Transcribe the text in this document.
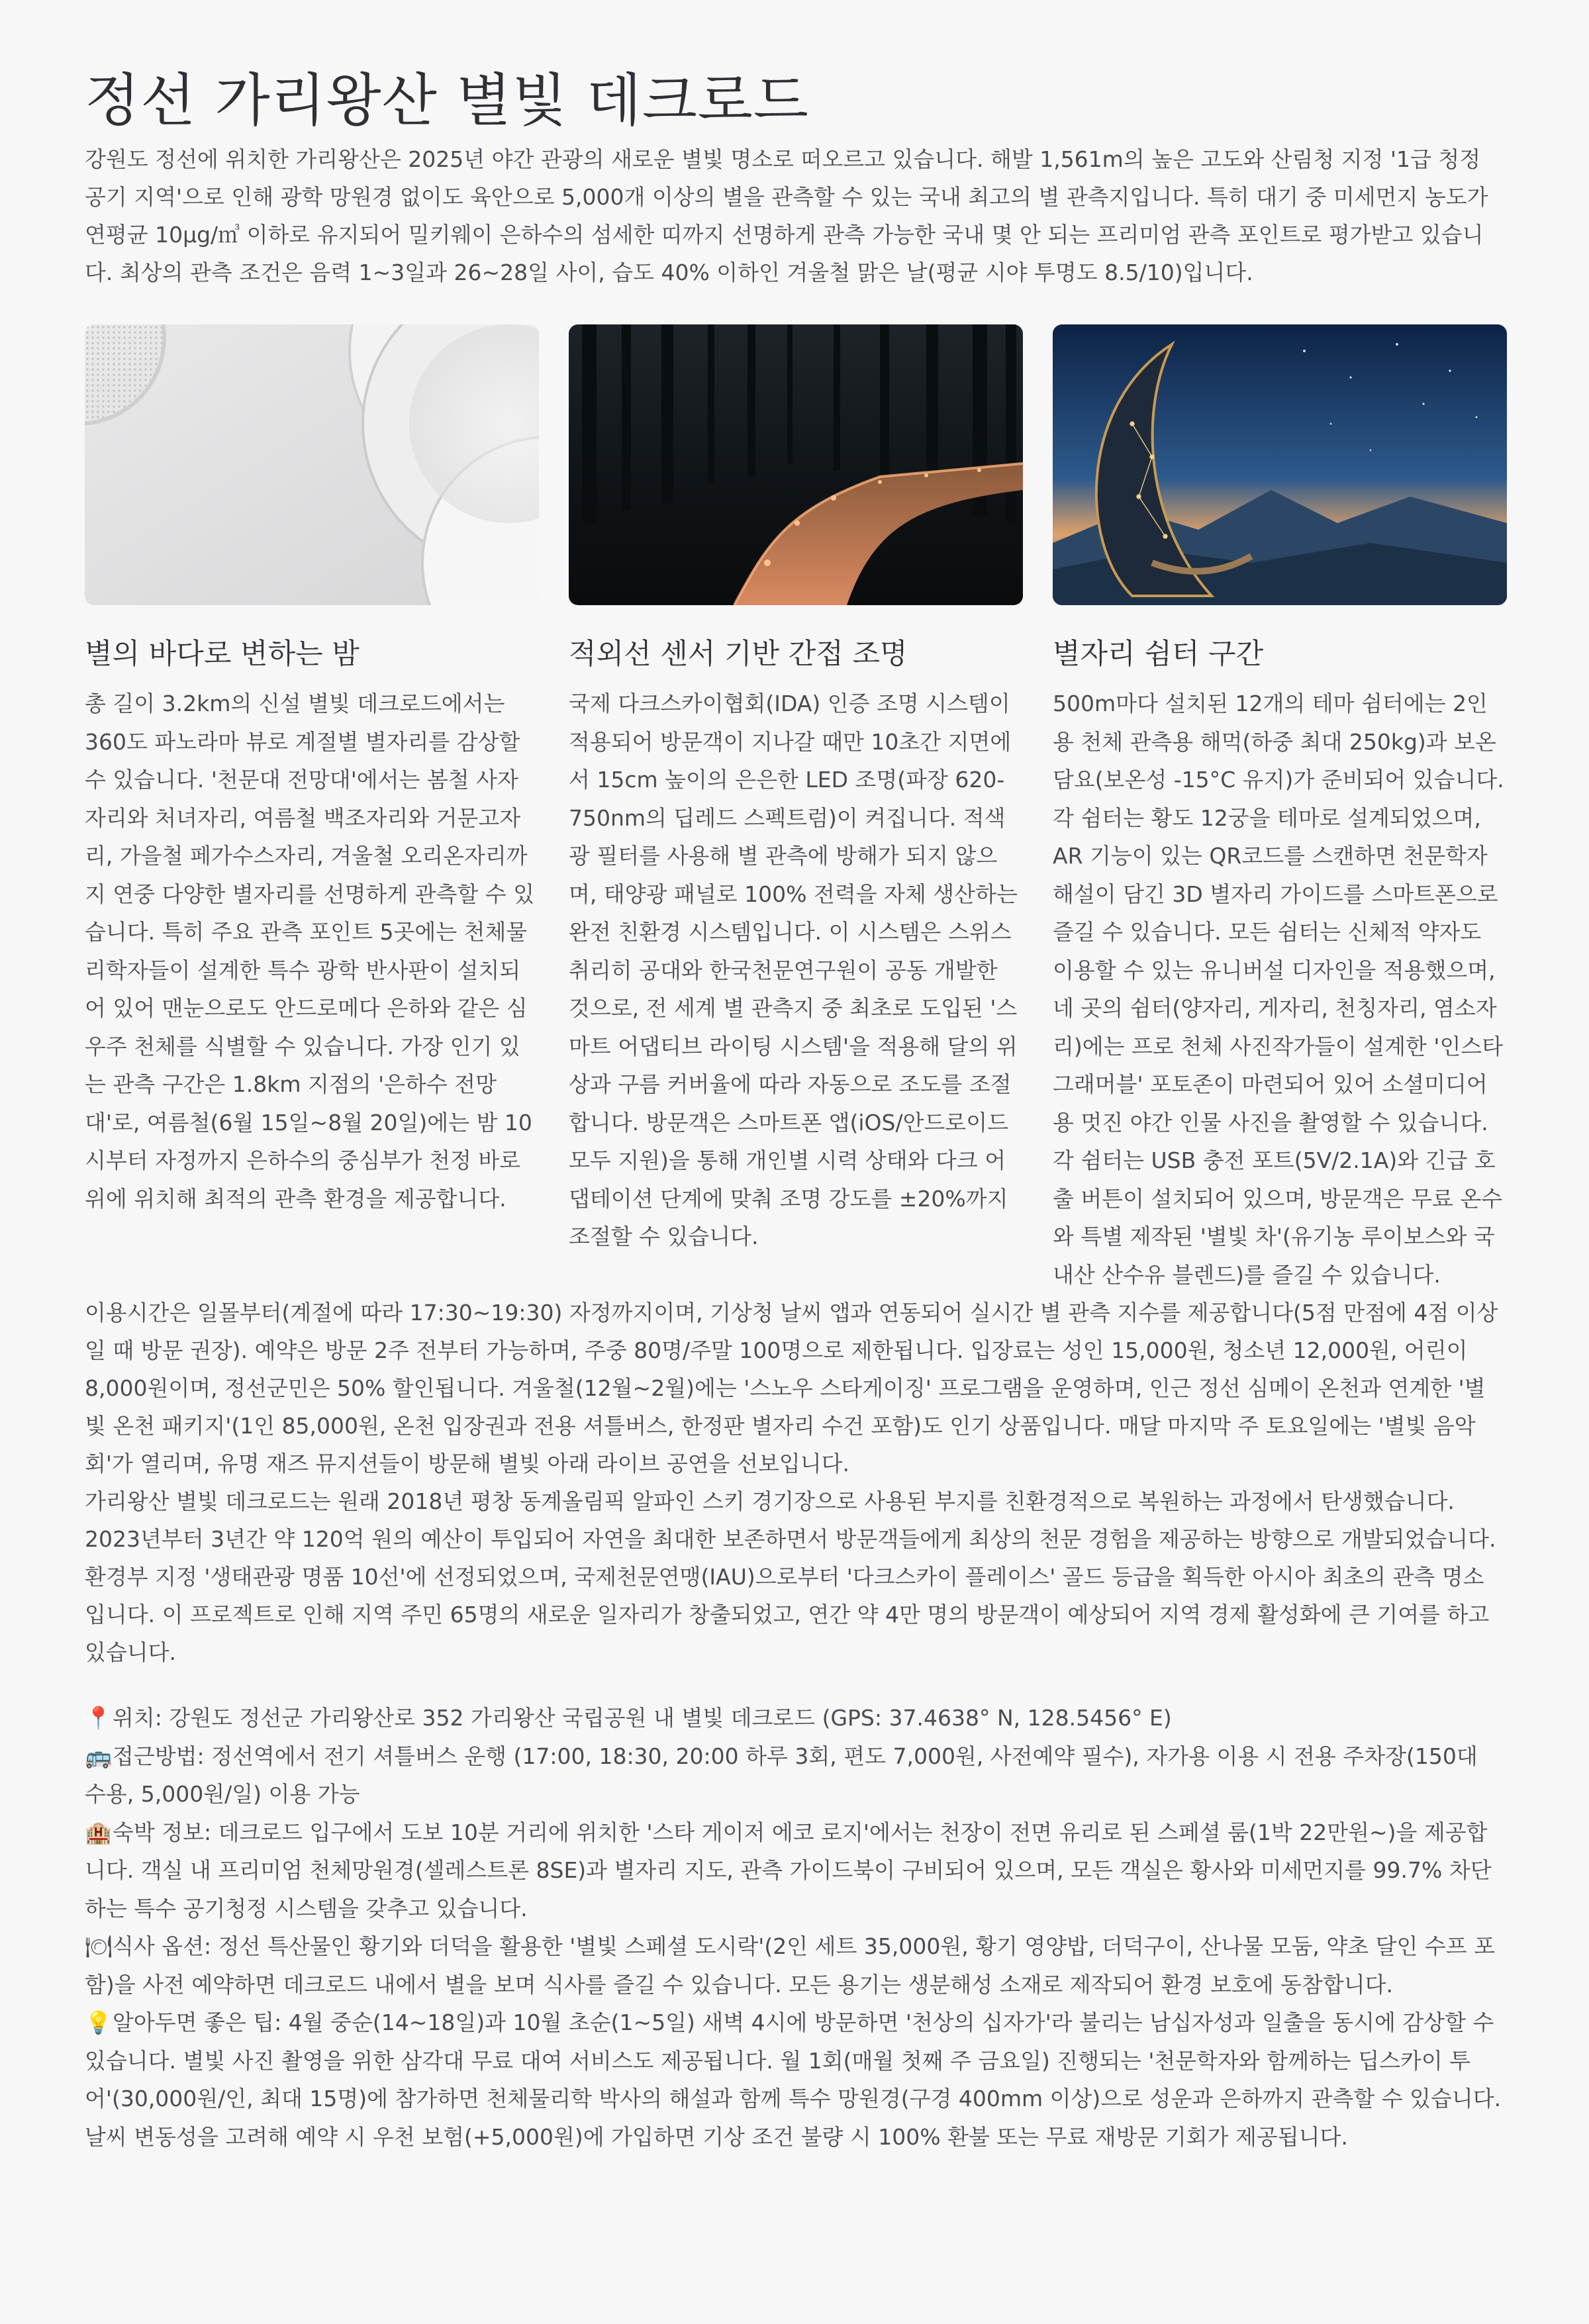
정선 가리왕산 별빛 데크로드

강원도 정선에 위치한 가리왕산은 2025년 야간 관광의 새로운 별빛 명소로 떠오르고 있습니다. 해발 1,561m의 높은 고도와 산림청 지정 '1급 청정 공기 지역'으로 인해 광학 망원경 없이도 육안으로 5,000개 이상의 별을 관측할 수 있는 국내 최고의 별 관측지입니다. 특히 대기 중 미세먼지 농도가 연평균 10μg/㎥ 이하로 유지되어 밀키웨이 은하수의 섬세한 띠까지 선명하게 관측 가능한 국내 몇 안 되는 프리미엄 관측 포인트로 평가받고 있습니다. 최상의 관측 조건은 음력 1~3일과 26~28일 사이, 습도 40% 이하인 겨울철 맑은 날(평균 시야 투명도 8.5/10)입니다.

별의 바다로 변하는 밤

총 길이 3.2km의 신설 별빛 데크로드에서는 360도 파노라마 뷰로 계절별 별자리를 감상할 수 있습니다. '천문대 전망대'에서는 봄철 사자자리와 처녀자리, 여름철 백조자리와 거문고자리, 가을철 페가수스자리, 겨울철 오리온자리까지 연중 다양한 별자리를 선명하게 관측할 수 있습니다. 특히 주요 관측 포인트 5곳에는 천체물리학자들이 설계한 특수 광학 반사판이 설치되어 있어 맨눈으로도 안드로메다 은하와 같은 심우주 천체를 식별할 수 있습니다. 가장 인기 있는 관측 구간은 1.8km 지점의 '은하수 전망대'로, 여름철(6월 15일~8월 20일)에는 밤 10시부터 자정까지 은하수의 중심부가 천정 바로 위에 위치해 최적의 관측 환경을 제공합니다.

적외선 센서 기반 간접 조명

국제 다크스카이협회(IDA) 인증 조명 시스템이 적용되어 방문객이 지나갈 때만 10초간 지면에서 15cm 높이의 은은한 LED 조명(파장 620-750nm의 딥레드 스펙트럼)이 켜집니다. 적색광 필터를 사용해 별 관측에 방해가 되지 않으며, 태양광 패널로 100% 전력을 자체 생산하는 완전 친환경 시스템입니다. 이 시스템은 스위스 취리히 공대와 한국천문연구원이 공동 개발한 것으로, 전 세계 별 관측지 중 최초로 도입된 '스마트 어댑티브 라이팅 시스템'을 적용해 달의 위상과 구름 커버율에 따라 자동으로 조도를 조절합니다. 방문객은 스마트폰 앱(iOS/안드로이드 모두 지원)을 통해 개인별 시력 상태와 다크 어댑테이션 단계에 맞춰 조명 강도를 ±20%까지 조절할 수 있습니다.

별자리 쉼터 구간

500m마다 설치된 12개의 테마 쉼터에는 2인용 천체 관측용 해먹(하중 최대 250kg)과 보온담요(보온성 -15°C 유지)가 준비되어 있습니다. 각 쉼터는 황도 12궁을 테마로 설계되었으며, AR 기능이 있는 QR코드를 스캔하면 천문학자 해설이 담긴 3D 별자리 가이드를 스마트폰으로 즐길 수 있습니다. 모든 쉼터는 신체적 약자도 이용할 수 있는 유니버설 디자인을 적용했으며, 네 곳의 쉼터(양자리, 게자리, 천칭자리, 염소자리)에는 프로 천체 사진작가들이 설계한 '인스타그래머블' 포토존이 마련되어 있어 소셜미디어용 멋진 야간 인물 사진을 촬영할 수 있습니다. 각 쉼터는 USB 충전 포트(5V/2.1A)와 긴급 호출 버튼이 설치되어 있으며, 방문객은 무료 온수와 특별 제작된 '별빛 차'(유기농 루이보스와 국내산 산수유 블렌드)를 즐길 수 있습니다.

이용시간은 일몰부터(계절에 따라 17:30~19:30) 자정까지이며, 기상청 날씨 앱과 연동되어 실시간 별 관측 지수를 제공합니다(5점 만점에 4점 이상일 때 방문 권장). 예약은 방문 2주 전부터 가능하며, 주중 80명/주말 100명으로 제한됩니다. 입장료는 성인 15,000원, 청소년 12,000원, 어린이 8,000원이며, 정선군민은 50% 할인됩니다. 겨울철(12월~2월)에는 '스노우 스타게이징' 프로그램을 운영하며, 인근 정선 심메이 온천과 연계한 '별빛 온천 패키지'(1인 85,000원, 온천 입장권과 전용 셔틀버스, 한정판 별자리 수건 포함)도 인기 상품입니다. 매달 마지막 주 토요일에는 '별빛 음악회'가 열리며, 유명 재즈 뮤지션들이 방문해 별빛 아래 라이브 공연을 선보입니다.

가리왕산 별빛 데크로드는 원래 2018년 평창 동계올림픽 알파인 스키 경기장으로 사용된 부지를 친환경적으로 복원하는 과정에서 탄생했습니다. 2023년부터 3년간 약 120억 원의 예산이 투입되어 자연을 최대한 보존하면서 방문객들에게 최상의 천문 경험을 제공하는 방향으로 개발되었습니다. 환경부 지정 '생태관광 명품 10선'에 선정되었으며, 국제천문연맹(IAU)으로부터 '다크스카이 플레이스' 골드 등급을 획득한 아시아 최초의 관측 명소입니다. 이 프로젝트로 인해 지역 주민 65명의 새로운 일자리가 창출되었고, 연간 약 4만 명의 방문객이 예상되어 지역 경제 활성화에 큰 기여를 하고 있습니다.

📍위치: 강원도 정선군 가리왕산로 352 가리왕산 국립공원 내 별빛 데크로드 (GPS: 37.4638° N, 128.5456° E)
🚌접근방법: 정선역에서 전기 셔틀버스 운행 (17:00, 18:30, 20:00 하루 3회, 편도 7,000원, 사전예약 필수), 자가용 이용 시 전용 주차장(150대 수용, 5,000원/일) 이용 가능
🏨숙박 정보: 데크로드 입구에서 도보 10분 거리에 위치한 '스타 게이저 에코 로지'에서는 천장이 전면 유리로 된 스페셜 룸(1박 22만원~)을 제공합니다. 객실 내 프리미엄 천체망원경(셀레스트론 8SE)과 별자리 지도, 관측 가이드북이 구비되어 있으며, 모든 객실은 황사와 미세먼지를 99.7% 차단하는 특수 공기청정 시스템을 갖추고 있습니다.
🍽식사 옵션: 정선 특산물인 황기와 더덕을 활용한 '별빛 스페셜 도시락'(2인 세트 35,000원, 황기 영양밥, 더덕구이, 산나물 모둠, 약초 달인 수프 포함)을 사전 예약하면 데크로드 내에서 별을 보며 식사를 즐길 수 있습니다. 모든 용기는 생분해성 소재로 제작되어 환경 보호에 동참합니다.
💡알아두면 좋은 팁: 4월 중순(14~18일)과 10월 초순(1~5일) 새벽 4시에 방문하면 '천상의 십자가'라 불리는 남십자성과 일출을 동시에 감상할 수 있습니다. 별빛 사진 촬영을 위한 삼각대 무료 대여 서비스도 제공됩니다. 월 1회(매월 첫째 주 금요일) 진행되는 '천문학자와 함께하는 딥스카이 투어'(30,000원/인, 최대 15명)에 참가하면 천체물리학 박사의 해설과 함께 특수 망원경(구경 400mm 이상)으로 성운과 은하까지 관측할 수 있습니다. 날씨 변동성을 고려해 예약 시 우천 보험(+5,000원)에 가입하면 기상 조건 불량 시 100% 환불 또는 무료 재방문 기회가 제공됩니다.
